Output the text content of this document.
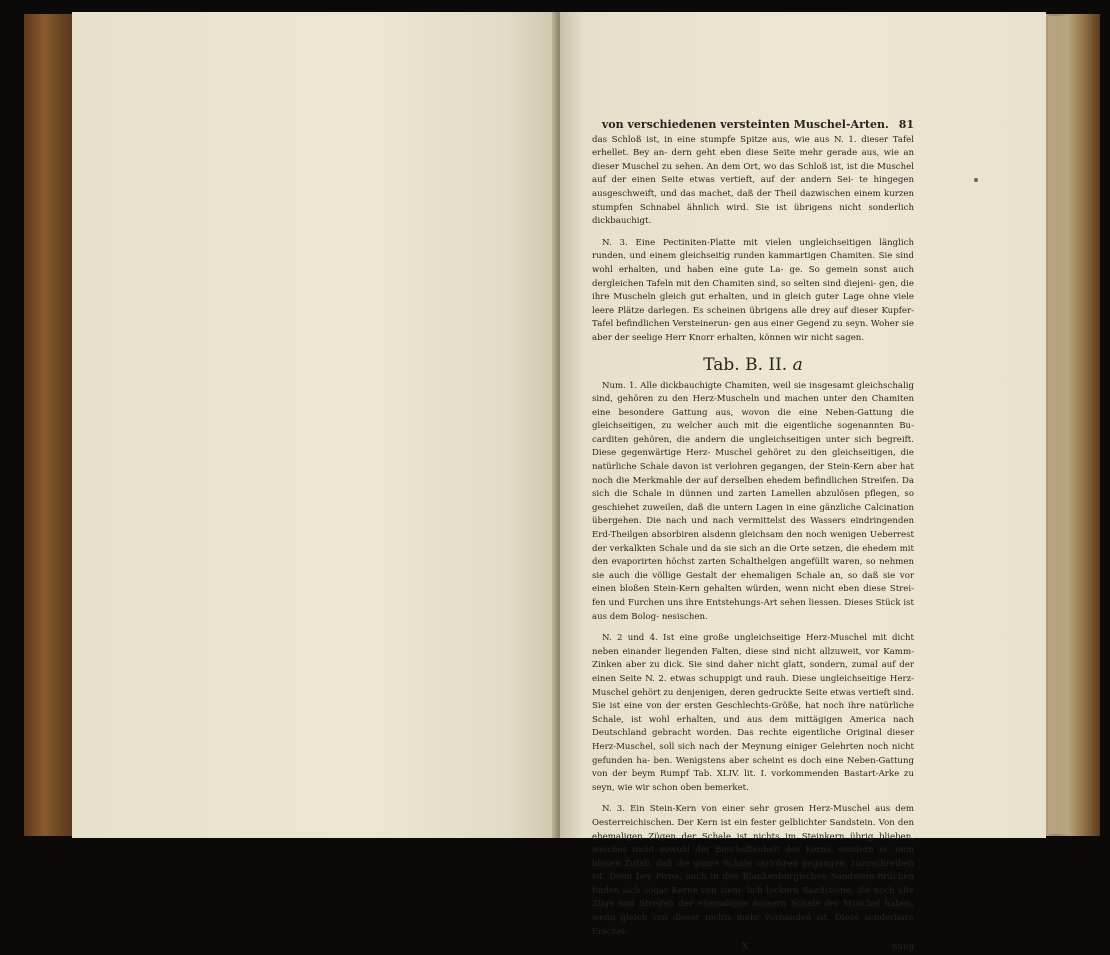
von verschiedenen versteinten Muschel-Arten. 81

das Schloß ist, in eine stumpfe Spitze aus, wie aus N. 1. dieser Tafel erhellet. Bey an- dern geht eben diese Seite mehr gerade aus, wie an dieser Muschel zu sehen. An dem Ort, wo das Schloß ist, ist die Muschel auf der einen Seite etwas vertieft, auf der andern Sei- te hingegen ausgeschweift, und das machet, daß der Theil dazwischen einem kurzen stumpfen Schnabel ähnlich wird. Sie ist übrigens nicht sonderlich dickbauchigt.

N. 3. Eine Pectiniten-Platte mit vielen ungleichseitigen länglich runden, und einem gleichseitig runden kammartigen Chamiten. Sie sind wohl erhalten, und haben eine gute La- ge. So gemein sonst auch dergleichen Tafeln mit den Chamiten sind, so selten sind diejeni- gen, die ihre Muscheln gleich gut erhalten, und in gleich guter Lage ohne viele leere Plätze darlegen. Es scheinen übrigens alle drey auf dieser Kupfer-Tafel befindlichen Versteinerun- gen aus einer Gegend zu seyn. Woher sie aber der seelige Herr Knorr erhalten, können wir nicht sagen.

Tab. B. II. a

Num. 1. Alle dickbauchigte Chamiten, weil sie insgesamt gleichschalig sind, gehören zu den Herz-Muscheln und machen unter den Chamiten eine besondere Gattung aus, wovon die eine Neben-Gattung die gleichseitigen, zu welcher auch mit die eigentliche sogenannten Bu- carditen gehören, die andern die ungleichseitigen unter sich begreift. Diese gegenwärtige Herz- Muschel gehöret zu den gleichseitigen, die natürliche Schale davon ist verlohren gegangen, der Stein-Kern aber hat noch die Merkmahle der auf derselben ehedem befindlichen Streifen. Da sich die Schale in dünnen und zarten Lamellen abzulösen pflegen, so geschiehet zuweilen, daß die untern Lagen in eine gänzliche Calcination übergehen. Die nach und nach vermittelst des Wassers eindringenden Erd-Theilgen absorbiren alsdenn gleichsam den noch wenigen Ueberrest der verkalkten Schale und da sie sich an die Orte setzen, die ehedem mit den evaporirten höchst zarten Schalthelgen angefüllt waren, so nehmen sie auch die völlige Gestalt der ehemaligen Schale an, so daß sie vor einen bloßen Stein-Kern gehalten würden, wenn nicht eben diese Strei- fen und Furchen uns ihre Entstehungs-Art sehen liessen. Dieses Stück ist aus dem Bolog- nesischen.

N. 2 und 4. Ist eine große ungleichseitige Herz-Muschel mit dicht neben einander liegenden Falten, diese sind nicht allzuweit, vor Kamm-Zinken aber zu dick. Sie sind daher nicht glatt, sondern, zumal auf der einen Seite N. 2. etwas schuppigt und rauh. Diese ungleichseitige Herz- Muschel gehört zu denjenigen, deren gedruckte Seite etwas vertieft sind. Sie ist eine von der ersten Geschlechts-Größe, hat noch ihre natürliche Schale, ist wohl erhalten, und aus dem mittägigen America nach Deutschland gebracht worden. Das rechte eigentliche Original dieser Herz-Muschel, soll sich nach der Meynung einiger Gelehrten noch nicht gefunden ha- ben. Wenigstens aber scheint es doch eine Neben-Gattung von der beym Rumpf Tab. XLIV. lit. I. vorkommenden Bastart-Arke zu seyn, wie wir schon oben bemerket.

N. 3. Ein Stein-Kern von einer sehr grosen Herz-Muschel aus dem Oesterreichischen. Der Kern ist ein fester gelblichter Sandstein. Von den ehemaligen Zügen der Schale ist nichts im Steinkern übrig blieben, welches nicht sowohl der Beschaffenheit des Kerns, sondern ei- nem blosen Zufall, daß die ganze Schale verlohren gegangen, zuzuschreiben ist. Denn bey Pirna, auch in den Blankenburgischen Sandstein-Brüchen finden sich sogar Kerne von ziem- lich lockern Sandsteine, die noch alle Züge und Streifen der ehemaligen äussern Schale der Muschel haben, wenn gleich von dieser nichts mehr vorhanden ist. Diese sonderbare Erschei-

X	nung
